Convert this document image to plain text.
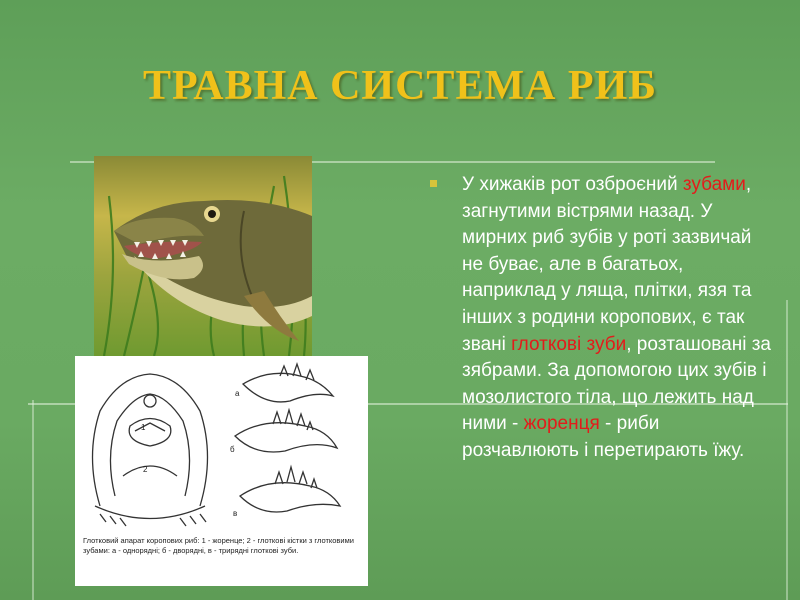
ТРАВНА СИСТЕМА РИБ
1
2
а
б
в
Глотковий апарат коропових риб: 1 - жоренце; 2 - глоткові кістки з глотковими зубами: а - однорядні; б - дворядні, в - трирядні глоткові зуби.
У хижаків рот озброєний зубами, загнутими вістрями назад. У мирних риб зубів у роті зазвичай не буває, але в багатьох, наприклад у ляща, плітки, язя та інших з родини коропових, є так звані глоткові зуби, розташовані за зябрами. За допомогою цих зубів і мозолистого тіла, що лежить над ними - жоренця - риби розчавлюють і перетирають їжу.
